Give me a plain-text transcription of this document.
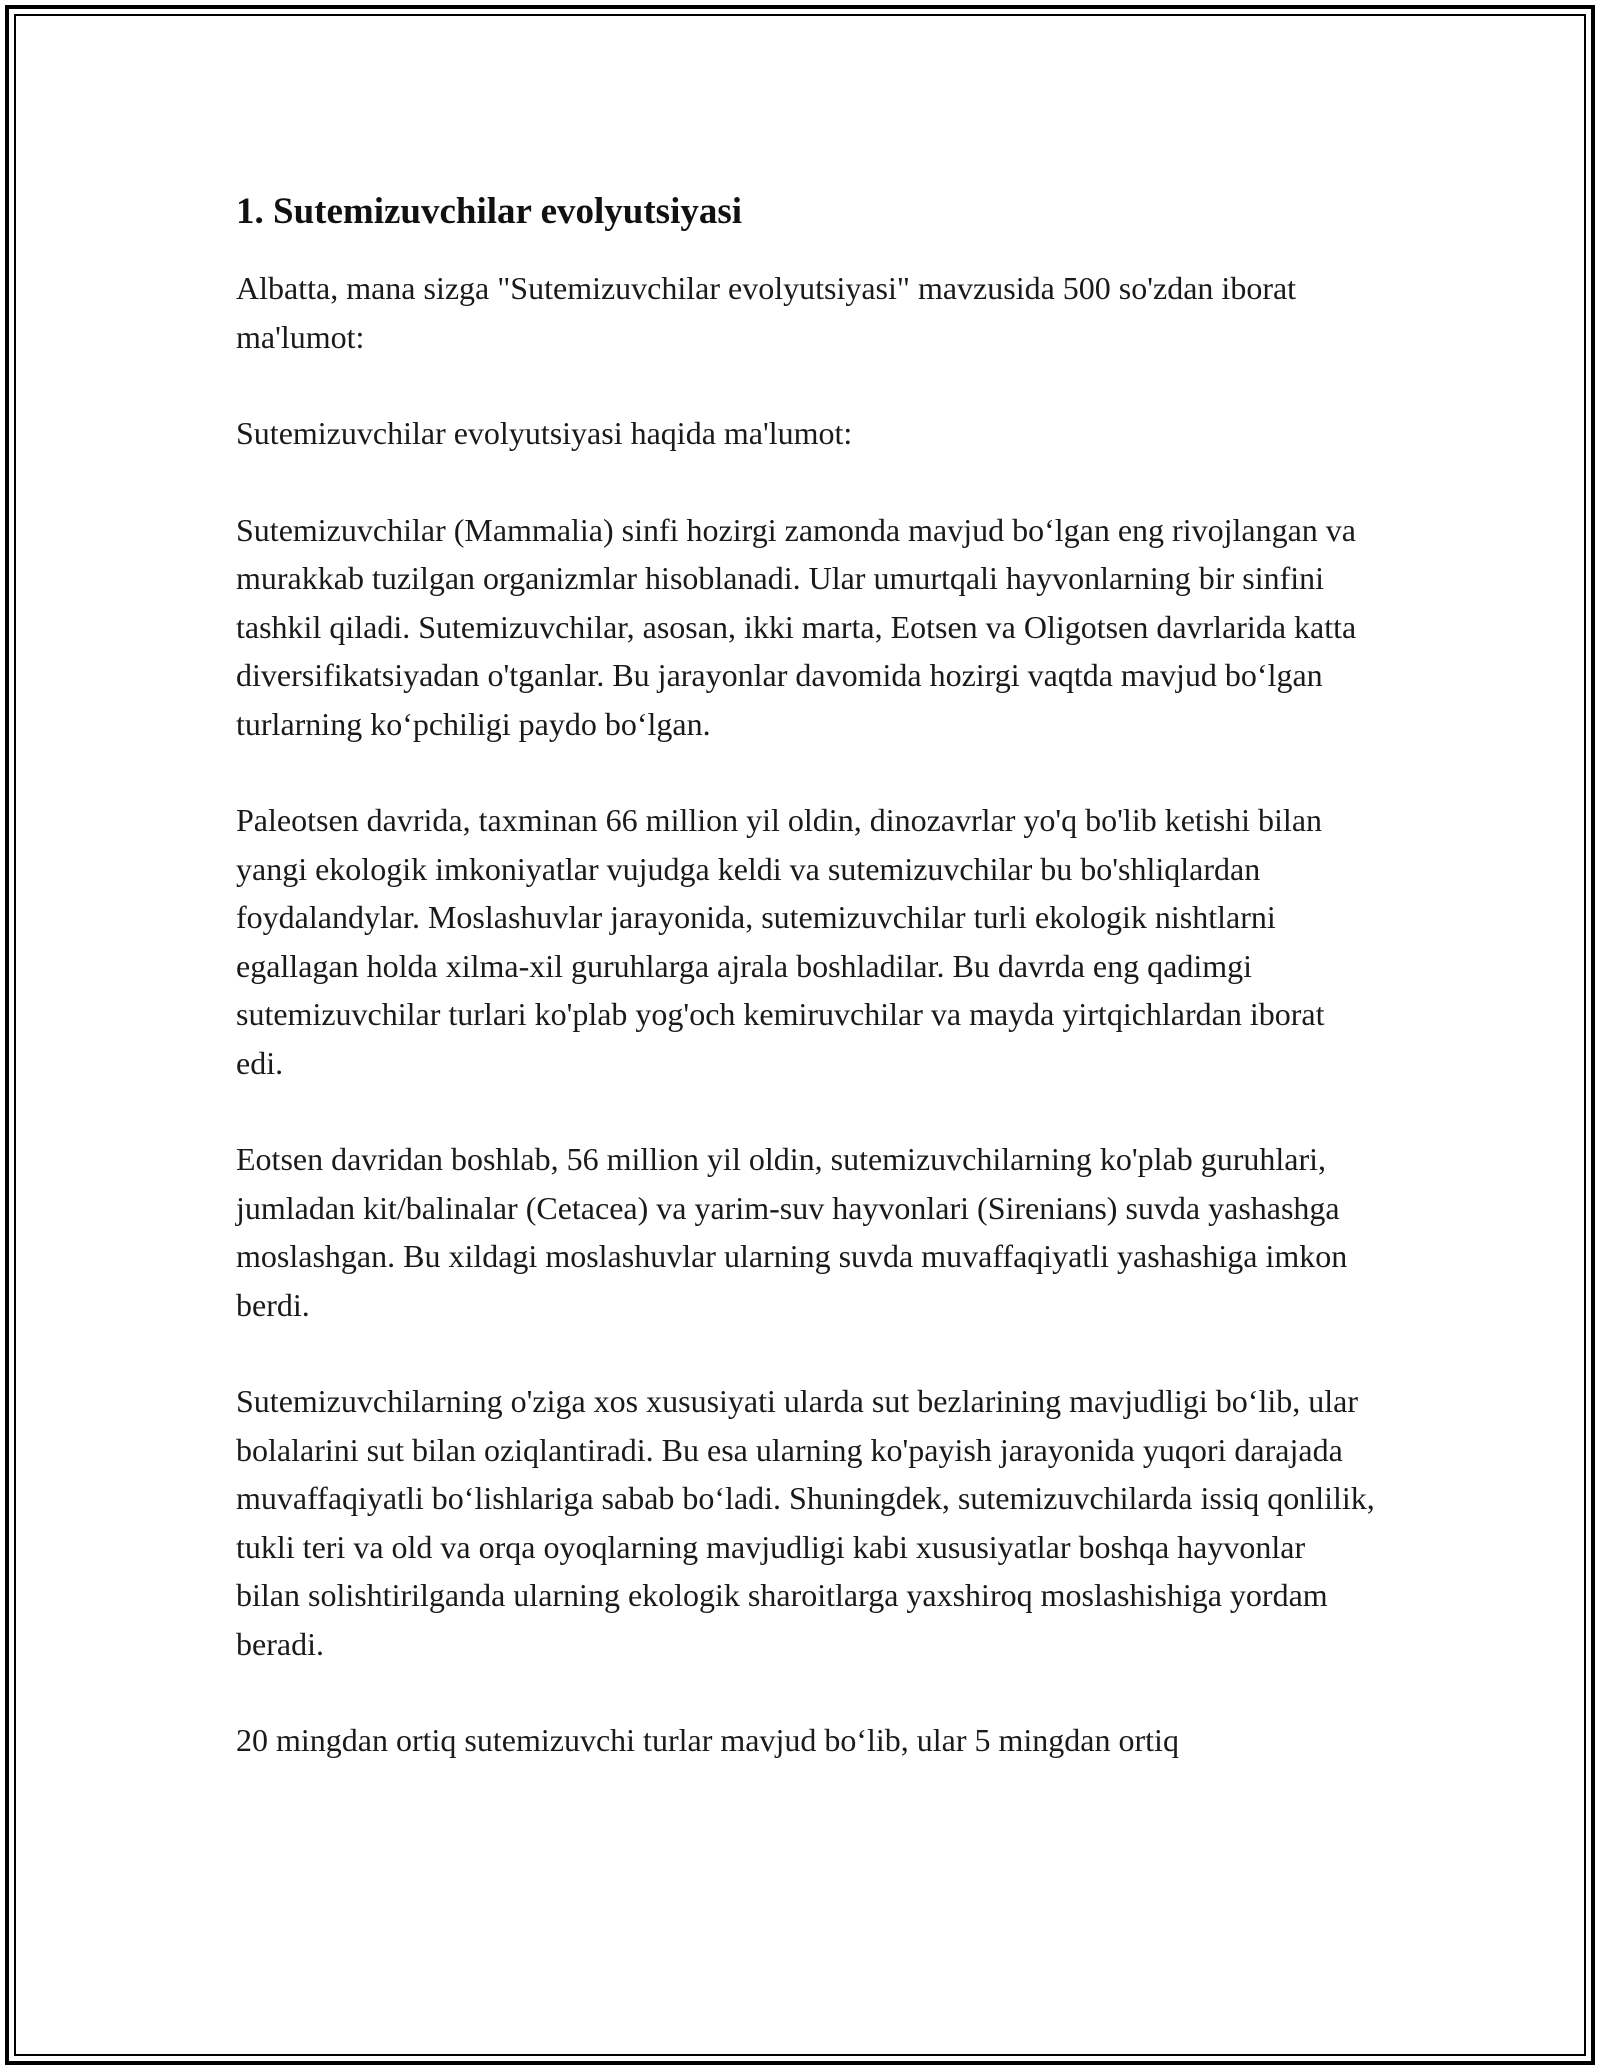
1. Sutemizuvchilar evolyutsiyasi

Albatta, mana sizga "Sutemizuvchilar evolyutsiyasi" mavzusida 500 so'zdan iborat ma'lumot:

Sutemizuvchilar evolyutsiyasi haqida ma'lumot:

Sutemizuvchilar (Mammalia) sinfi hozirgi zamonda mavjud bo‘lgan eng rivojlangan va murakkab tuzilgan organizmlar hisoblanadi. Ular umurtqali hayvonlarning bir sinfini tashkil qiladi. Sutemizuvchilar, asosan, ikki marta, Eotsen va Oligotsen davrlarida katta diversifikatsiyadan o'tganlar. Bu jarayonlar davomida hozirgi vaqtda mavjud bo‘lgan turlarning ko‘pchiligi paydo bo‘lgan.

Paleotsen davrida, taxminan 66 million yil oldin, dinozavrlar yo'q bo'lib ketishi bilan yangi ekologik imkoniyatlar vujudga keldi va sutemizuvchilar bu bo'shliqlardan foydalandylar. Moslashuvlar jarayonida, sutemizuvchilar turli ekologik nishtlarni egallagan holda xilma-xil guruhlarga ajrala boshladilar. Bu davrda eng qadimgi sutemizuvchilar turlari ko'plab yog'och kemiruvchilar va mayda yirtqichlardan iborat edi.

Eotsen davridan boshlab, 56 million yil oldin, sutemizuvchilarning ko'plab guruhlari, jumladan kit/balinalar (Cetacea) va yarim-suv hayvonlari (Sirenians) suvda yashashga moslashgan. Bu xildagi moslashuvlar ularning suvda muvaffaqiyatli yashashiga imkon berdi.

Sutemizuvchilarning o'ziga xos xususiyati ularda sut bezlarining mavjudligi bo‘lib, ular bolalarini sut bilan oziqlantiradi. Bu esa ularning ko'payish jarayonida yuqori darajada muvaffaqiyatli bo‘lishlariga sabab bo‘ladi. Shuningdek, sutemizuvchilarda issiq qonlilik, tukli teri va old va orqa oyoqlarning mavjudligi kabi xususiyatlar boshqa hayvonlar bilan solishtirilganda ularning ekologik sharoitlarga yaxshiroq moslashishiga yordam beradi.

20 mingdan ortiq sutemizuvchi turlar mavjud bo‘lib, ular 5 mingdan ortiq
